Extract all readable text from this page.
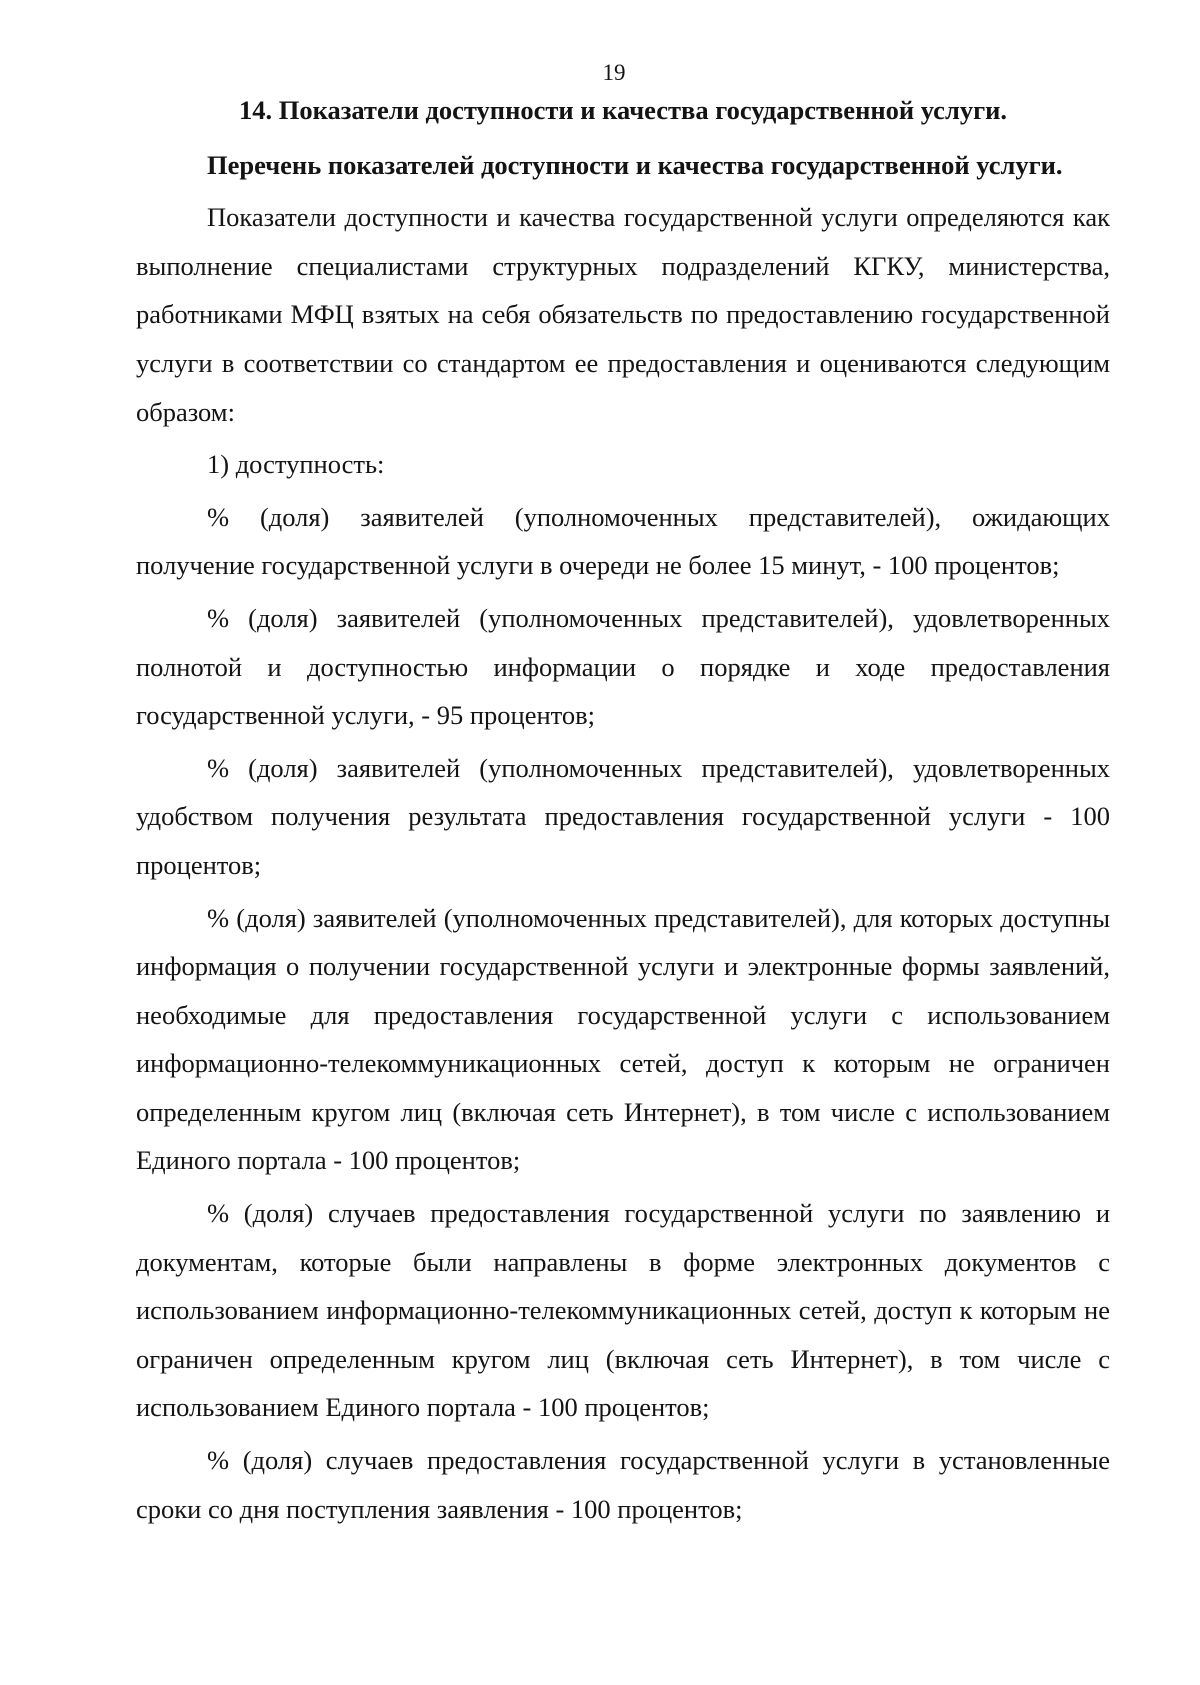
19

14. Показатели доступности и качества государственной услуги.

Перечень показателей доступности и качества государственной услуги.

Показатели доступности и качества государственной услуги определяются как выполнение специалистами структурных подразделений КГКУ, министерства, работниками МФЦ взятых на себя обязательств по предоставлению государственной услуги в соответствии со стандартом ее предоставления и оцениваются следующим образом:

1) доступность:

% (доля) заявителей (уполномоченных представителей), ожидающих получение государственной услуги в очереди не более 15 минут, - 100 процентов;

% (доля) заявителей (уполномоченных представителей), удовлетворенных полнотой и доступностью информации о порядке и ходе предоставления государственной услуги, - 95 процентов;

% (доля) заявителей (уполномоченных представителей), удовлетворенных удобством получения результата предоставления государственной услуги - 100 процентов;

% (доля) заявителей (уполномоченных представителей), для которых доступны информация о получении государственной услуги и электронные формы заявлений, необходимые для предоставления государственной услуги с использованием информационно-телекоммуникационных сетей, доступ к которым не ограничен определенным кругом лиц (включая сеть Интернет), в том числе с использованием Единого портала - 100 процентов;

% (доля) случаев предоставления государственной услуги по заявлению и документам, которые были направлены в форме электронных документов с использованием информационно-телекоммуникационных сетей, доступ к которым не ограничен определенным кругом лиц (включая сеть Интернет), в том числе с использованием Единого портала - 100 процентов;

% (доля) случаев предоставления государственной услуги в установленные сроки со дня поступления заявления - 100 процентов;
